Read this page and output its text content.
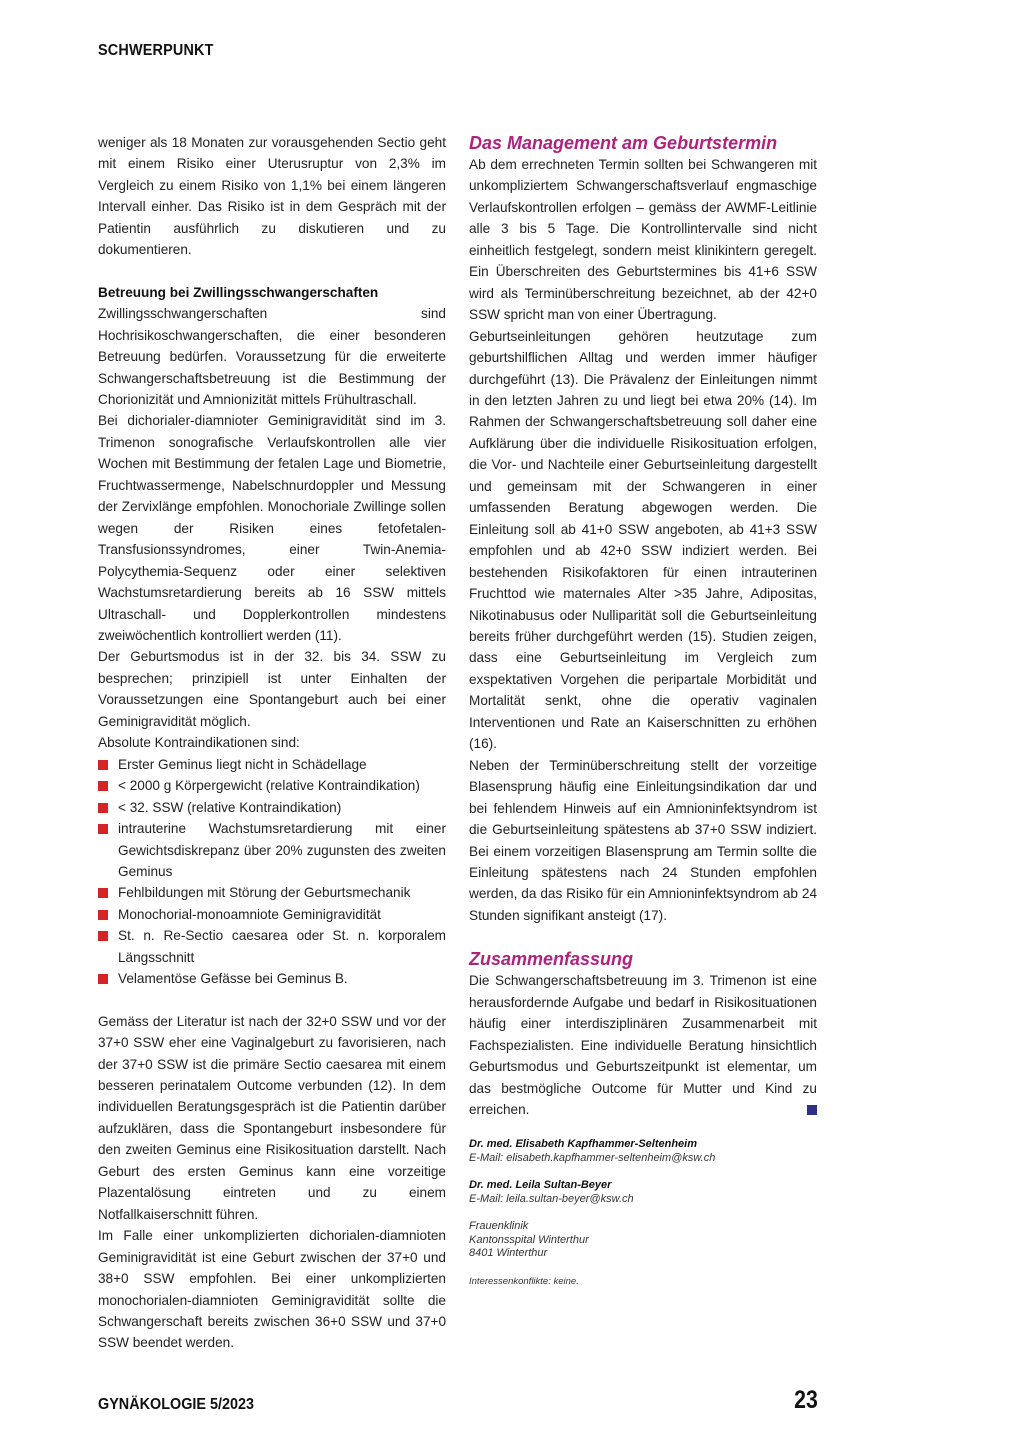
SCHWERPUNKT

weniger als 18 Monaten zur vorausgehenden Sectio geht mit einem Risiko einer Uterusruptur von 2,3% im Vergleich zu einem Risiko von 1,1% bei einem längeren Intervall einher. Das Risiko ist in dem Gespräch mit der Patientin ausführlich zu diskutieren und zu dokumentieren.

Betreuung bei Zwillingsschwangerschaften

Zwillingsschwangerschaften sind Hochrisikoschwangerschaften, die einer besonderen Betreuung bedürfen. Voraussetzung für die erweiterte Schwangerschaftsbetreuung ist die Bestimmung der Chorionizität und Amnionizität mittels Frühultraschall.

Bei dichorialer-diamnioter Geminigravidität sind im 3. Trimenon sonografische Verlaufskontrollen alle vier Wochen mit Bestimmung der fetalen Lage und Biometrie, Fruchtwassermenge, Nabelschnurdoppler und Messung der Zervixlänge empfohlen. Monochoriale Zwillinge sollen wegen der Risiken eines fetofetalen-Transfusionssyndromes, einer Twin-Anemia-Polycythemia-Sequenz oder einer selektiven Wachstumsretardierung bereits ab 16 SSW mittels Ultraschall- und Dopplerkontrollen mindestens zweiwöchentlich kontrolliert werden (11).

Der Geburtsmodus ist in der 32. bis 34. SSW zu besprechen; prinzipiell ist unter Einhalten der Voraussetzungen eine Spontangeburt auch bei einer Geminigravidität möglich.

Absolute Kontraindikationen sind:

Erster Geminus liegt nicht in Schädellage
< 2000 g Körpergewicht (relative Kontraindikation)
< 32. SSW (relative Kontraindikation)
intrauterine Wachstumsretardierung mit einer Gewichtsdiskrepanz über 20% zugunsten des zweiten Geminus
Fehlbildungen mit Störung der Geburtsmechanik
Monochorial-monoamniote Geminigravidität
St. n. Re-Sectio caesarea oder St. n. korporalem Längsschnitt
Velamentöse Gefässe bei Geminus B.

Gemäss der Literatur ist nach der 32+0 SSW und vor der 37+0 SSW eher eine Vaginalgeburt zu favorisieren, nach der 37+0 SSW ist die primäre Sectio caesarea mit einem besseren perinatalem Outcome verbunden (12). In dem individuellen Beratungsgespräch ist die Patientin darüber aufzuklären, dass die Spontangeburt insbesondere für den zweiten Geminus eine Risikosituation darstellt. Nach Geburt des ersten Geminus kann eine vorzeitige Plazentalösung eintreten und zu einem Notfallkaiserschnitt führen.

Im Falle einer unkomplizierten dichorialen-diamnioten Geminigravidität ist eine Geburt zwischen der 37+0 und 38+0 SSW empfohlen. Bei einer unkomplizierten monochorialen-diamnioten Geminigravidität sollte die Schwangerschaft bereits zwischen 36+0 SSW und 37+0 SSW beendet werden.

Das Management am Geburtstermin

Ab dem errechneten Termin sollten bei Schwangeren mit unkompliziertem Schwangerschaftsverlauf engmaschige Verlaufskontrollen erfolgen – gemäss der AWMF-Leitlinie alle 3 bis 5 Tage. Die Kontrollintervalle sind nicht einheitlich festgelegt, sondern meist klinikintern geregelt. Ein Überschreiten des Geburtstermines bis 41+6 SSW wird als Terminüberschreitung bezeichnet, ab der 42+0 SSW spricht man von einer Übertragung.

Geburtseinleitungen gehören heutzutage zum geburtshilflichen Alltag und werden immer häufiger durchgeführt (13). Die Prävalenz der Einleitungen nimmt in den letzten Jahren zu und liegt bei etwa 20% (14). Im Rahmen der Schwangerschaftsbetreuung soll daher eine Aufklärung über die individuelle Risikosituation erfolgen, die Vor- und Nachteile einer Geburtseinleitung dargestellt und gemeinsam mit der Schwangeren in einer umfassenden Beratung abgewogen werden. Die Einleitung soll ab 41+0 SSW angeboten, ab 41+3 SSW empfohlen und ab 42+0 SSW indiziert werden. Bei bestehenden Risikofaktoren für einen intrauterinen Fruchttod wie maternales Alter >35 Jahre, Adipositas, Nikotinabusus oder Nulliparität soll die Geburtseinleitung bereits früher durchgeführt werden (15). Studien zeigen, dass eine Geburtseinleitung im Vergleich zum exspektativen Vorgehen die peripartale Morbidität und Mortalität senkt, ohne die operativ vaginalen Interventionen und Rate an Kaiserschnitten zu erhöhen (16).

Neben der Terminüberschreitung stellt der vorzeitige Blasensprung häufig eine Einleitungsindikation dar und bei fehlendem Hinweis auf ein Amnioninfektsyndrom ist die Geburtseinleitung spätestens ab 37+0 SSW indiziert. Bei einem vorzeitigen Blasensprung am Termin sollte die Einleitung spätestens nach 24 Stunden empfohlen werden, da das Risiko für ein Amnioninfektsyndrom ab 24 Stunden signifikant ansteigt (17).

Zusammenfassung

Die Schwangerschaftsbetreuung im 3. Trimenon ist eine herausfordernde Aufgabe und bedarf in Risikosituationen häufig einer interdisziplinären Zusammenarbeit mit Fachspezialisten. Eine individuelle Beratung hinsichtlich Geburtsmodus und Geburtszeitpunkt ist elementar, um das bestmögliche Outcome für Mutter und Kind zu erreichen.

Dr. med. Elisabeth Kapfhammer-Seltenheim
E-Mail: elisabeth.kapfhammer-seltenheim@ksw.ch
Dr. med. Leila Sultan-Beyer
E-Mail: leila.sultan-beyer@ksw.ch
Frauenklinik
Kantonsspital Winterthur
8401 Winterthur
Interessenkonflikte: keine.
GYNÄKOLOGIE 5/2023	23
